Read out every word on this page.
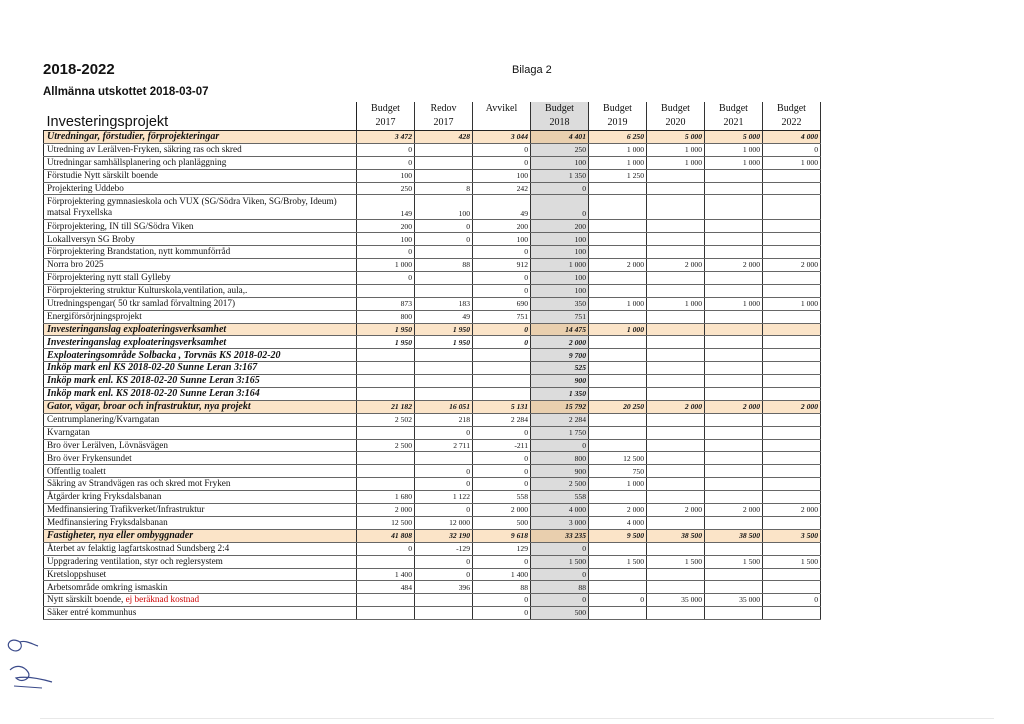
2018-2022	Bilaga 2
Allmänna utskottet 2018-03-07
	Budget	Redov	Avvikel	Budget	Budget	Budget	Budget	Budget
Investeringsprojekt	2017	2017		2018	2019	2020	2021	2022
Utredningar, förstudier, förprojekteringar	3 472	428	3 044	4 401	6 250	5 000	5 000	4 000
Utredning av Lerälven-Fryken, säkring ras och skred	0		0	250	1 000	1 000	1 000	0
Utredningar samhällsplanering och planläggning	0		0	100	1 000	1 000	1 000	1 000
Förstudie Nytt särskilt boende	100		100	1 350	1 250			
Projektering Uddebo	250	8	242	0				
Förprojektering gymnasieskola och VUX (SG/Södra Viken, SG/Broby, Ideum) matsal Fryxellska	149	100	49	0				
Förprojektering, IN till SG/Södra Viken	200	0	200	200				
Lokallversyn SG Broby	100	0	100	100				
Förprojektering Brandstation, nytt kommunförråd	0		0	100				
Norra bro 2025	1 000	88	912	1 000	2 000	2 000	2 000	2 000
Förprojektering nytt stall Gylleby	0		0	100				
Förprojektering struktur Kulturskola,ventilation, aula,.			0	100				
Utredningspengar( 50 tkr samlad förvaltning 2017)	873	183	690	350	1 000	1 000	1 000	1 000
Energiförsörjningsprojekt	800	49	751	751				
Investeringanslag exploateringsverksamhet	1 950	1 950	0	14 475	1 000			
Investeringanslag exploateringsverksamhet	1 950	1 950	0	2 000				
Exploateringsområde Solbacka , Torvnäs KS 2018-02-20				9 700				
Inköp mark enl KS 2018-02-20 Sunne Leran 3:167				525				
Inköp mark enl. KS 2018-02-20 Sunne Leran 3:165				900				
Inköp mark enl. KS 2018-02-20 Sunne Leran 3:164				1 350				
Gator, vägar, broar och infrastruktur, nya projekt	21 182	16 051	5 131	15 792	20 250	2 000	2 000	2 000
Centrumplanering/Kvarngatan	2 502	218	2 284	2 284				
Kvarngatan		0	0	1 750				
Bro över Lerälven, Lövnäsvägen	2 500	2 711	-211	0				
Bro över Frykensundet			0	800	12 500			
Offentlig toalett		0	0	900	750			
Säkring av Strandvägen ras och skred mot Fryken		0	0	2 500	1 000			
Åtgärder kring Fryksdalsbanan	1 680	1 122	558	558				
Medfinansiering Trafikverket/Infrastruktur	2 000	0	2 000	4 000	2 000	2 000	2 000	2 000
Medfinansiering Fryksdalsbanan	12 500	12 000	500	3 000	4 000			
Fastigheter, nya eller ombyggnader	41 808	32 190	9 618	33 235	9 500	38 500	38 500	3 500
Återbet av felaktig lagfartskostnad Sundsberg 2:4	0	-129	129	0				
Uppgradering ventilation, styr och reglersystem		0	0	1 500	1 500	1 500	1 500	1 500
Kretsloppshuset	1 400	0	1 400	0				
Arbetsområde omkring ismaskin	484	396	88	88				
Nytt särskilt boende, ej beräknad kostnad			0	0	0	35 000	35 000	0
Säker entré kommunhus			0	500				
